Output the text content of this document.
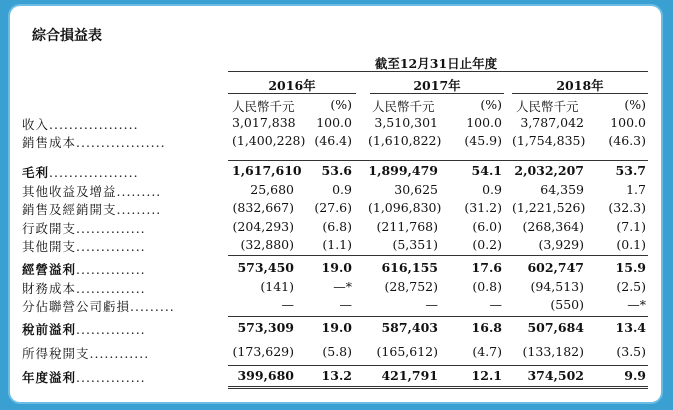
綜合損益表
截至12月31日止年度
2016年	2017年	2018年
人民幣千元	(%) 人民幣千元	(%) 人民幣千元	(%)
收入..................	3,017,838	100.0	3,510,301	100.0	3,787,042	100.0
銷售成本..................	(1,400,228) (46.4) (1,610,822)	(45.9) (1,754,835)	(46.3)
毛利..................	1,617,610	53.6 1,899,479	54.1 2,032,207	53.7
其他收益及增益.........	25,680	0.9	30,625	0.9	64,359	1.7
銷售及經銷開支.........	(832,667)	(27.6) (1,096,830)	(31.2) (1,221,526)	(32.3)
行政開支..............	(204,293)	(6.8)	(211,768)	(6.0)	(268,364)	(7.1)
其他開支..............	(32,880)	(1.1)	(5,351)	(0.2)	(3,929)	(0.1)
經營溢利..............	573,450	19.0	616,155	17.6	602,747	15.9
財務成本..............	(141)	—*	(28,752)	(0.8)	(94,513)	(2.5)
分佔聯營公司虧損.........	—	—	—	—	(550)	—*
稅前溢利..............	573,309	19.0	587,403	16.8	507,684	13.4
所得稅開支............	(173,629)	(5.8)	(165,612)	(4.7)	(133,182)	(3.5)
年度溢利..............	399,680	13.2	421,791	12.1	374,502	9.9
